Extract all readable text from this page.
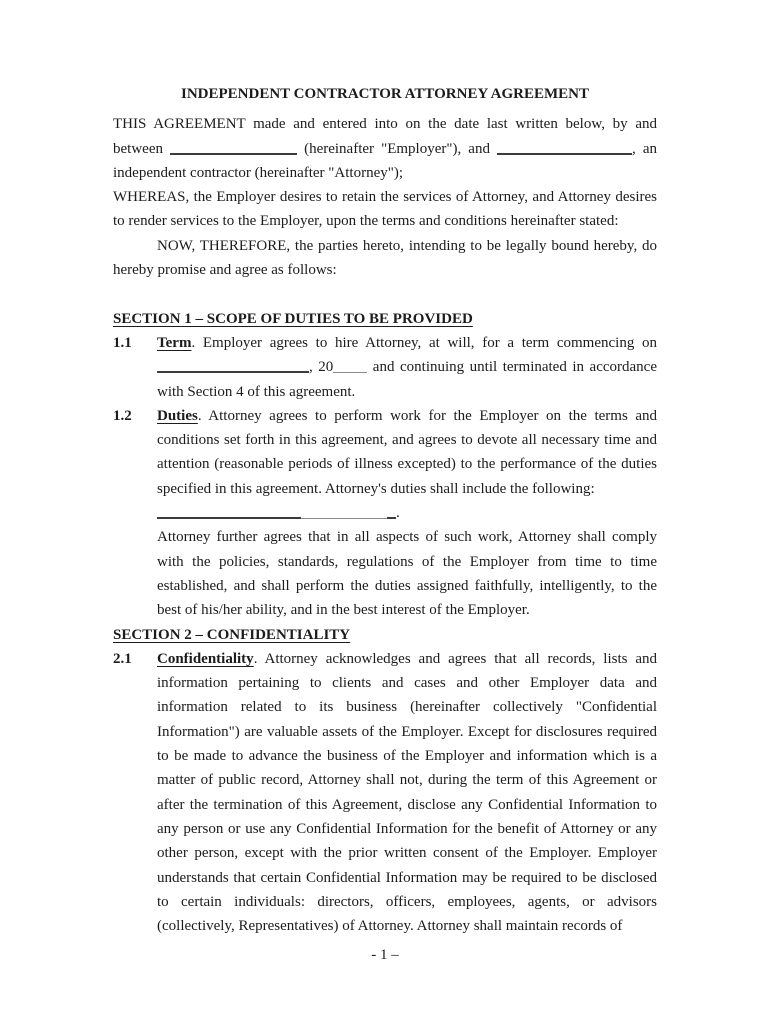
INDEPENDENT CONTRACTOR ATTORNEY AGREEMENT

THIS AGREEMENT made and entered into on the date last written below, by and between	(hereinafter "Employer"), and	, an independent contractor (hereinafter "Attorney");

WHEREAS, the Employer desires to retain the services of Attorney, and Attorney desires to render services to the Employer, upon the terms and conditions hereinafter stated:

NOW, THEREFORE, the parties hereto, intending to be legally bound hereby, do hereby promise and agree as follows:

SECTION 1 – SCOPE OF DUTIES TO BE PROVIDED
1.1	Term. Employer agrees to hire Attorney, at will, for a term commencing on , 20 and continuing until terminated in accordance with Section 4 of this agreement.

1.2	Duties. Attorney agrees to perform work for the Employer on the terms and conditions set forth in this agreement, and agrees to devote all necessary time and attention (reasonable periods of illness excepted) to the performance of the duties specified in this agreement. Attorney's duties shall include the following:

.

Attorney further agrees that in all aspects of such work, Attorney shall comply with the policies, standards, regulations of the Employer from time to time established, and shall perform the duties assigned faithfully, intelligently, to the best of his/her ability, and in the best interest of the Employer.

SECTION 2 – CONFIDENTIALITY
2.1	Confidentiality. Attorney acknowledges and agrees that all records, lists and information pertaining to clients and cases and other Employer data and information related to its business (hereinafter collectively "Confidential Information") are valuable assets of the Employer. Except for disclosures required to be made to advance the business of the Employer and information which is a matter of public record, Attorney shall not, during the term of this Agreement or after the termination of this Agreement, disclose any Confidential Information to any person or use any Confidential Information for the benefit of Attorney or any other person, except with the prior written consent of the Employer. Employer understands that certain Confidential Information may be required to be disclosed to certain individuals: directors, officers, employees, agents, or advisors (collectively, Representatives) of Attorney. Attorney shall maintain records of

- 1 –
